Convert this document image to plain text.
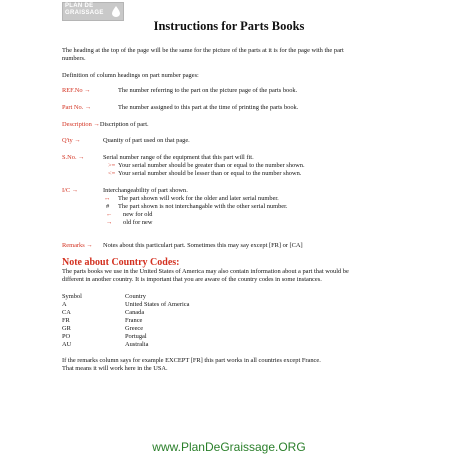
PLAN DE
GRAISSAGE
Instructions for Parts Books
The heading at the top of the page will be the same for the picture of the parts at it is for the page with the part
numbers.
Definition of column headings on part number pages:
REF.No →	The number referring to the part on the picture page of the parts book.
Part No. →	The number assigned to this part at the time of printing the parts book.
Description →Discription of part.
Q'ty →	Quanity of part used on that page.
S.No. →	Serial number range of the equipment that this part will fit.
>= Your serial number should be greater than or equal to the number shown.
<= Your serial number should be lesser than or equal to the number shown.
I/C →	Interchangeability of part shown.
↔ The part shown will work for the older and later serial number.
# The part shown is not interchangable with the other serial number.
← new for old
→ old for new
Remarks → Notes about this particulart part. Sometimes this may say except [FR] or [CA]
Note about Country Codes:
The parts books we use in the United States of America may also contain information about a part that would be
different in another country. It is important that you are aware of the country codes in some instances.
Symbol	Country
A	United States of America
CA	Canada
FR	France
GR	Greece
PO	Portugal
AU	Australia
If the remarks column says for example EXCEPT [FR] this part works in all countries except France.
That means it will work here in the USA.
www.PlanDeGraissage.ORG
